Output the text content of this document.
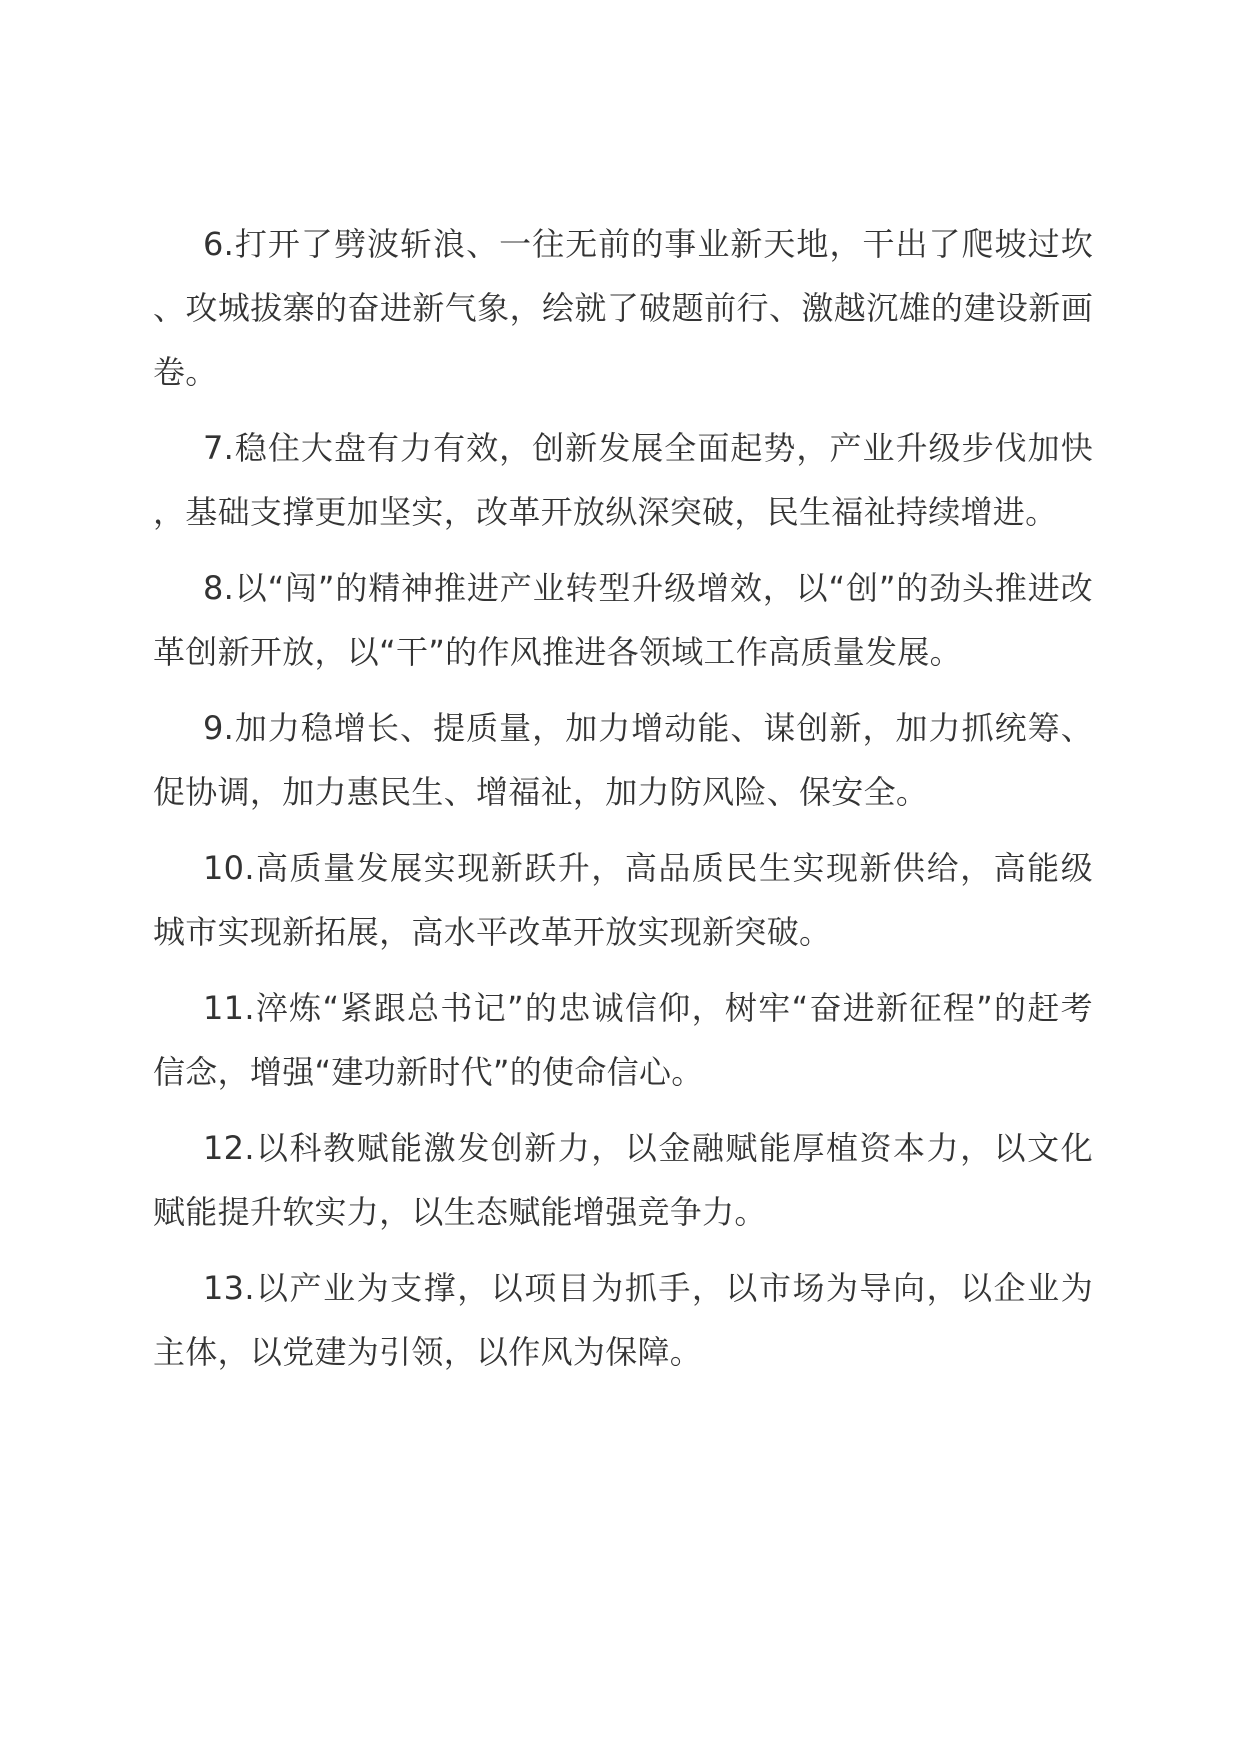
6.打开了劈波斩浪、一往无前的事业新天地，干出了爬坡过坎、攻城拔寨的奋进新气象，绘就了破题前行、激越沉雄的建设新画卷。

7.稳住大盘有力有效，创新发展全面起势，产业升级步伐加快，基础支撑更加坚实，改革开放纵深突破，民生福祉持续增进。

8.以“闯”的精神推进产业转型升级增效，以“创”的劲头推进改革创新开放，以“干”的作风推进各领域工作高质量发展。

9.加力稳增长、提质量，加力增动能、谋创新，加力抓统筹、促协调，加力惠民生、增福祉，加力防风险、保安全。

10.高质量发展实现新跃升，高品质民生实现新供给，高能级城市实现新拓展，高水平改革开放实现新突破。

11.淬炼“紧跟总书记”的忠诚信仰，树牢“奋进新征程”的赶考信念，增强“建功新时代”的使命信心。

12.以科教赋能激发创新力，以金融赋能厚植资本力，以文化赋能提升软实力，以生态赋能增强竞争力。

13.以产业为支撑，以项目为抓手，以市场为导向，以企业为主体，以党建为引领，以作风为保障。
